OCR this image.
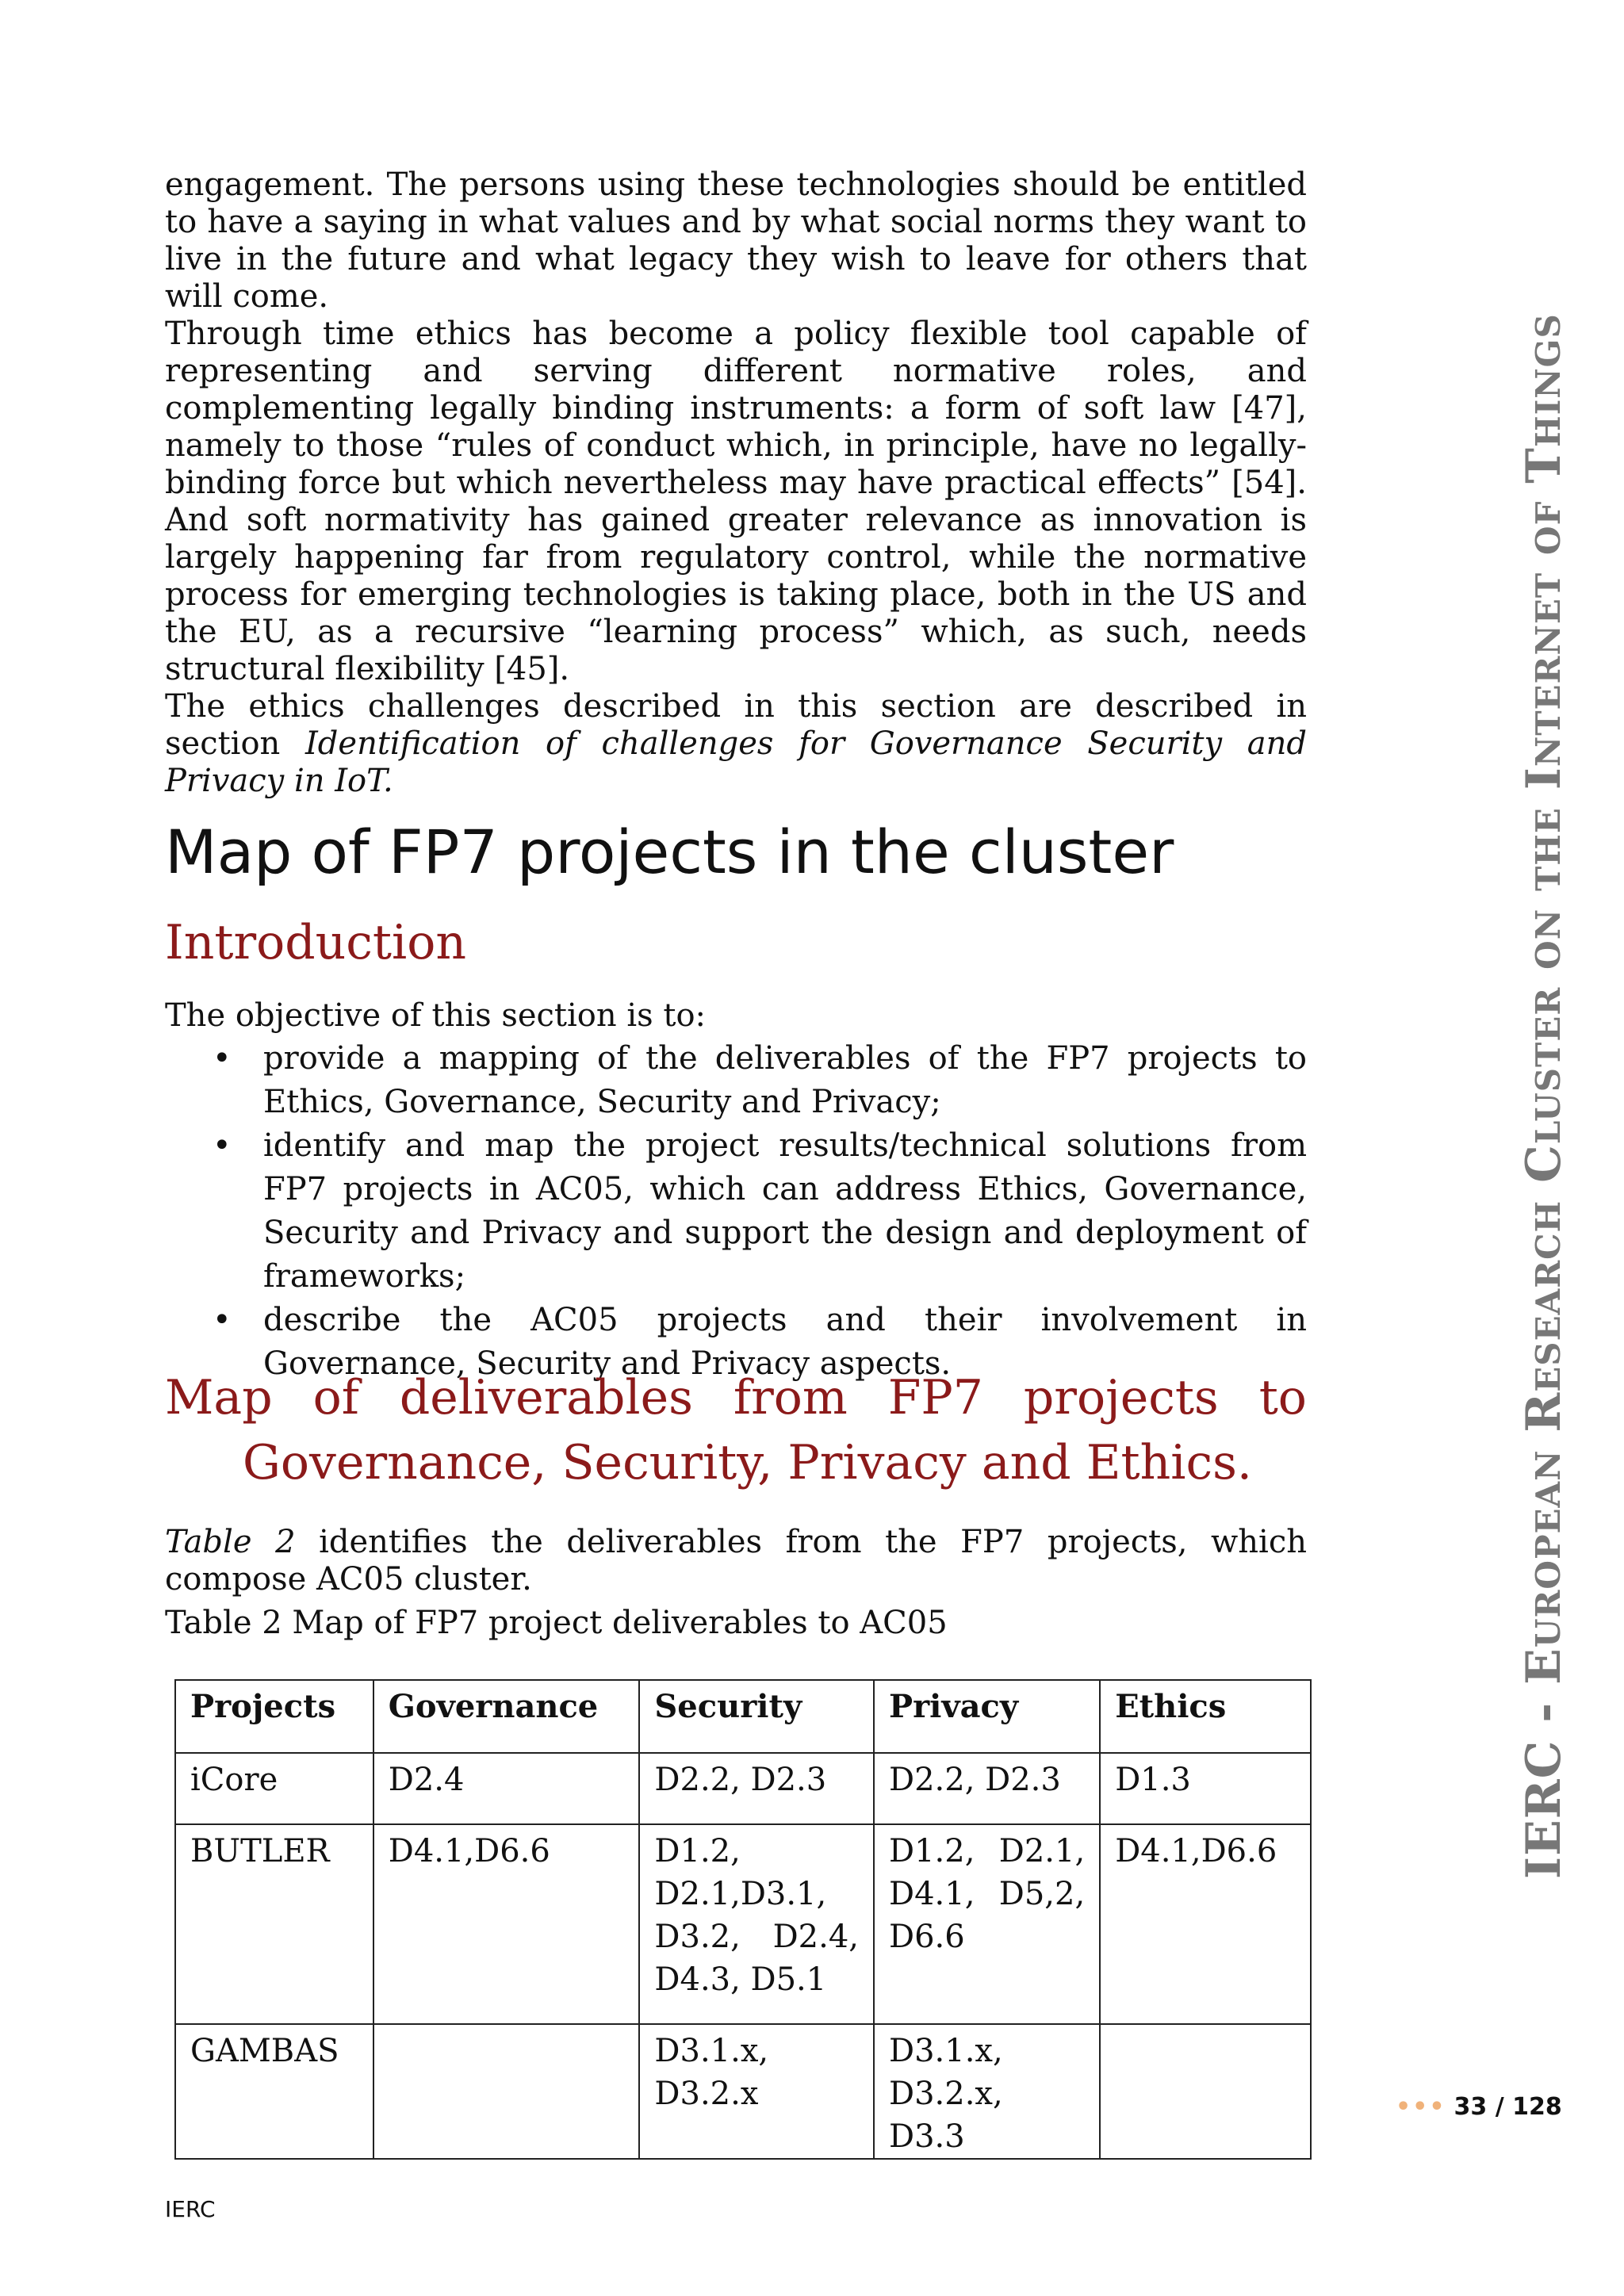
engagement. The persons using these technologies should be entitled to have a saying in what values and by what social norms they want to live in the future and what legacy they wish to leave for others that will come.

Through time ethics has become a policy flexible tool capable of representing and serving different normative roles, and complementing legally binding instruments: a form of soft law [47], namely to those “rules of conduct which, in principle, have no legally-binding force but which nevertheless may have practical effects” [54]. And soft normativity has gained greater relevance as innovation is largely happening far from regulatory control, while the normative process for emerging technologies is taking place, both in the US and the EU, as a recursive “learning process” which, as such, needs structural flexibility [45].

The ethics challenges described in this section are described in section Identification of challenges for Governance Security and Privacy in IoT.

Map of FP7 projects in the cluster
Introduction

The objective of this section is to:

• provide a mapping of the deliverables of the FP7 projects to Ethics, Governance, Security and Privacy;
• identify and map the project results/technical solutions from FP7 projects in AC05, which can address Ethics, Governance, Security and Privacy and support the design and deployment of frameworks;
• describe the AC05 projects and their involvement in Governance, Security and Privacy aspects.
Map of deliverables from FP7 projects to
Governance, Security, Privacy and Ethics.

Table 2 identifies the deliverables from the FP7 projects, which compose AC05 cluster.

Table 2 Map of FP7 project deliverables to AC05

Projects	Governance	Security	Privacy	Ethics
iCore	D2.4	D2.2, D2.3	D2.2, D2.3	D1.3
BUTLER	D4.1,D6.6	D1.2, D2.1,D3.1, D3.2, D2.4, D4.3, D5.1	D1.2, D2.1, D4.1, D5,2, D6.6	D4.1,D6.6
GAMBAS		D3.1.x, D3.2.x	D3.1.x, D3.2.x, D3.3	
IERC - European Research Cluster on the Internet of Things
••• 33 / 128
IERC
